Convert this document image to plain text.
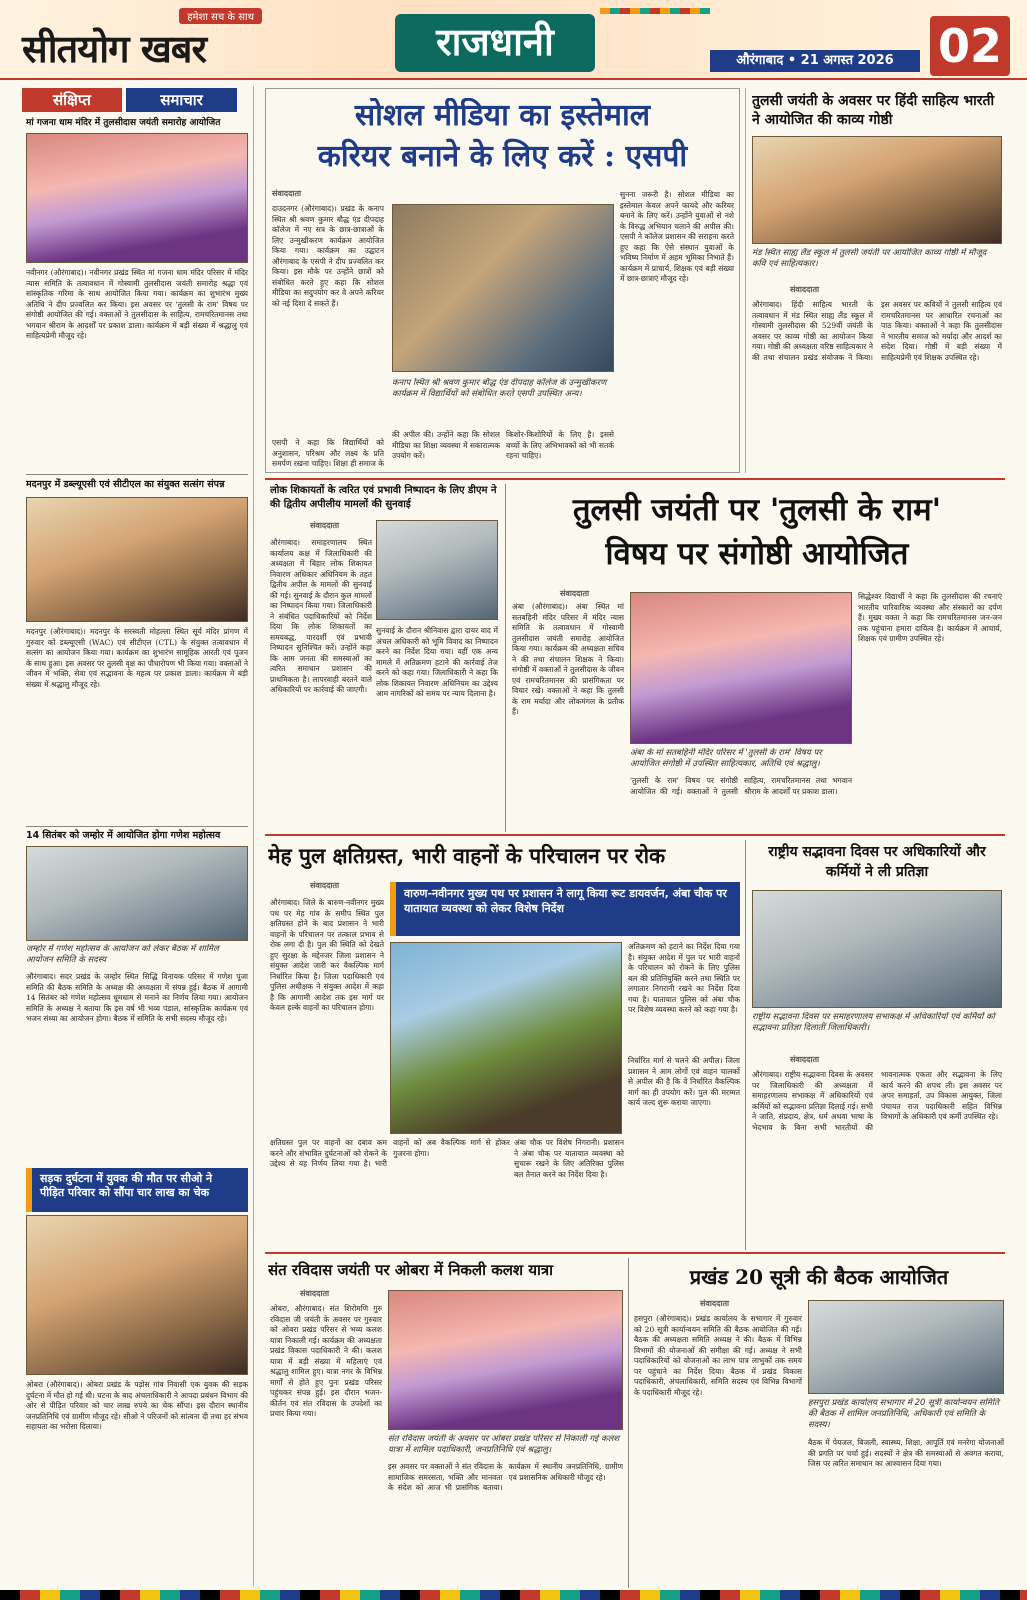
हमेशा सच के साथ
सीतयोग खबर	राजधानी	औरंगाबाद • 21 अगस्त 2026 02
संक्षिप्त	समाचार
मां गजना धाम मंदिर में तुलसीदास जयंती समारोह आयोजित
नवीनगर (औरंगाबाद)। नवीनगर प्रखंड स्थित मां गजना धाम मंदिर परिसर में मंदिर न्यास समिति के तत्वावधान में गोस्वामी तुलसीदास जयंती समारोह श्रद्धा एवं सांस्कृतिक गरिमा के साथ आयोजित किया गया। कार्यक्रम का शुभारंभ मुख्य अतिथि ने दीप प्रज्वलित कर किया। इस अवसर पर 'तुलसी के राम' विषय पर संगोष्ठी आयोजित की गई। वक्ताओं ने तुलसीदास के साहित्य, रामचरितमानस तथा भगवान श्रीराम के आदर्शों पर प्रकाश डाला। कार्यक्रम में बड़ी संख्या में श्रद्धालु एवं साहित्यप्रेमी मौजूद रहे।
मदनपुर में डब्ल्यूएसी एवं सीटीएल का संयुक्त सत्संग संपन्न
मदनपुर (औरंगाबाद)। मदनपुर के सरस्वती मोहल्ला स्थित सूर्य मंदिर प्रांगण में गुरुवार को डब्ल्यूएसी (WAC) एवं सीटीएल (CTL) के संयुक्त तत्वावधान में सत्संग का आयोजन किया गया। कार्यक्रम का शुभारंभ सामूहिक आरती एवं पूजन के साथ हुआ। इस अवसर पर तुलसी वृक्ष का पौधारोपण भी किया गया। वक्ताओं ने जीवन में भक्ति, सेवा एवं सद्भावना के महत्व पर प्रकाश डाला। कार्यक्रम में बड़ी संख्या में श्रद्धालु मौजूद रहे।
14 सितंबर को जम्होर में आयोजित होगा गणेश महोत्सव
जम्होर में गणेश महोत्सव के आयोजन को लेकर बैठक में शामिल आयोजन समिति के सदस्य
औरंगाबाद। सदर प्रखंड के जम्होर स्थित सिद्धि विनायक परिसर में गणेश पूजा समिति की बैठक समिति के अध्यक्ष की अध्यक्षता में संपन्न हुई। बैठक में आगामी 14 सितंबर को गणेश महोत्सव धूमधाम से मनाने का निर्णय लिया गया। आयोजन समिति के अध्यक्ष ने बताया कि इस वर्ष भी भव्य पंडाल, सांस्कृतिक कार्यक्रम एवं भजन संध्या का आयोजन होगा। बैठक में समिति के सभी सदस्य मौजूद रहे।
सड़क दुर्घटना में युवक की मौत पर सीओ ने पीड़ित परिवार को सौंपा चार लाख का चेक
ओबरा (औरंगाबाद)। ओबरा प्रखंड के पड़ोस गांव निवासी एक युवक की सड़क दुर्घटना में मौत हो गई थी। घटना के बाद अंचलाधिकारी ने आपदा प्रबंधन विभाग की ओर से पीड़ित परिवार को चार लाख रुपये का चेक सौंपा। इस दौरान स्थानीय जनप्रतिनिधि एवं ग्रामीण मौजूद रहे। सीओ ने परिजनों को सांत्वना दी तथा हर संभव सहायता का भरोसा दिलाया।
सोशल मीडिया का इस्तेमाल
करियर बनाने के लिए करें : एसपी
संवाददाता
दाउदनगर (औरंगाबाद)। प्रखंड के कनाप स्थित श्री श्रवण कुमार बौद्ध एंड दीपदाह कॉलेज में नए सत्र के छात्र-छात्राओं के लिए उन्मुखीकरण कार्यक्रम आयोजित किया गया। कार्यक्रम का उद्घाटन औरंगाबाद के एसपी ने दीप प्रज्वलित कर किया। इस मौके पर उन्होंने छात्रों को संबोधित करते हुए कहा कि सोशल मीडिया का सदुपयोग कर वे अपने करियर को नई दिशा दे सकते हैं।
कनाप स्थित श्री श्रवण कुमार बौद्ध एंड दीपदाह कॉलेज के उन्मुखीकरण कार्यक्रम में विद्यार्थियों को संबोधित करते एसपी उपस्थित अन्य।
सुनना जरूरी है। सोशल मीडिया का इस्तेमाल केवल अपने फायदे और करियर बनाने के लिए करें। उन्होंने युवाओं से नशे के विरुद्ध अभियान चलाने की अपील की। एसपी ने कॉलेज प्रशासन की सराहना करते हुए कहा कि ऐसे संस्थान युवाओं के भविष्य निर्माण में अहम भूमिका निभाते हैं। कार्यक्रम में प्राचार्य, शिक्षक एवं बड़ी संख्या में छात्र-छात्राएं मौजूद रहे।
की अपील की। उन्होंने कहा कि सोशल मीडिया का शिक्षा व्यवस्था में सकारात्मक उपयोग करें।
किशोर-किशोरियों के लिए है। इससे बच्चों के लिए अभिभावकों को भी सतर्क रहना चाहिए।
एसपी ने कहा कि विद्यार्थियों को अनुशासन, परिश्रम और लक्ष्य के प्रति समर्पण रखना चाहिए। शिक्षा ही समाज के
तुलसी जयंती के अवसर पर हिंदी साहित्य भारती ने आयोजित की काव्य गोष्ठी
मंड स्थित साह्य लैंड स्कूल में तुलसी जयंती पर आयोजित काव्य गोष्ठी में मौजूद कवि एवं साहित्यकार।
संवाददाता
औरंगाबाद। हिंदी साहित्य भारती के तत्वावधान में मंड स्थित साह्य लैंड स्कूल में गोस्वामी तुलसीदास की 529वीं जयंती के अवसर पर काव्य गोष्ठी का आयोजन किया गया। गोष्ठी की अध्यक्षता वरिष्ठ साहित्यकार ने की तथा संचालन प्रखंड संयोजक ने किया। इस अवसर पर कवियों ने तुलसी साहित्य एवं रामचरितमानस पर आधारित रचनाओं का पाठ किया। वक्ताओं ने कहा कि तुलसीदास ने भारतीय समाज को मर्यादा और आदर्श का संदेश दिया। गोष्ठी में बड़ी संख्या में साहित्यप्रेमी एवं शिक्षक उपस्थित रहे।
लोक शिकायतों के त्वरित एवं प्रभावी निष्पादन के लिए डीएम ने की द्वितीय अपीलीय मामलों की सुनवाई
संवाददाता
औरंगाबाद। समाहरणालय स्थित कार्यालय कक्ष में जिलाधिकारी की अध्यक्षता में बिहार लोक शिकायत निवारण अधिकार अधिनियम के तहत द्वितीय अपील के मामलों की सुनवाई की गई। सुनवाई के दौरान कुल मामलों का निष्पादन किया गया। जिलाधिकारी ने संबंधित पदाधिकारियों को निर्देश दिया कि लोक शिकायतों का समयबद्ध, पारदर्शी एवं प्रभावी निष्पादन सुनिश्चित करें। उन्होंने कहा कि आम जनता की समस्याओं का त्वरित समाधान प्रशासन की प्राथमिकता है। लापरवाही बरतने वाले अधिकारियों पर कार्रवाई की जाएगी।
सुनवाई के दौरान श्रीनिवास द्वारा दायर वाद में अंचल अधिकारी को भूमि विवाद का निष्पादन करने का निर्देश दिया गया। वहीं एक अन्य मामले में अतिक्रमण हटाने की कार्रवाई तेज करने को कहा गया। जिलाधिकारी ने कहा कि लोक शिकायत निवारण अधिनियम का उद्देश्य आम नागरिकों को समय पर न्याय दिलाना है।
तुलसी जयंती पर 'तुलसी के राम'
विषय पर संगोष्ठी आयोजित
संवाददाता
अंबा (औरंगाबाद)। अंबा स्थित मां सतबहिनी मंदिर परिसर में मंदिर न्यास समिति के तत्वावधान में गोस्वामी तुलसीदास जयंती समारोह आयोजित किया गया। कार्यक्रम की अध्यक्षता सचिव ने की तथा संचालन शिक्षक ने किया। संगोष्ठी में वक्ताओं ने तुलसीदास के जीवन एवं रामचरितमानस की प्रासंगिकता पर विचार रखे। वक्ताओं ने कहा कि तुलसी के राम मर्यादा और लोकमंगल के प्रतीक हैं।
अंबा के मां सतबहिनी मंदिर परिसर में 'तुलसी के राम' विषय पर आयोजित संगोष्ठी में उपस्थित साहित्यकार, अतिथि एवं श्रद्धालु।
'तुलसी के राम' विषय पर संगोष्ठी आयोजित की गई। वक्ताओं ने तुलसी साहित्य, रामचरितमानस तथा भगवान श्रीराम के आदर्शों पर प्रकाश डाला।
सिद्धेश्वर विद्यार्थी ने कहा कि तुलसीदास की रचनाएं भारतीय पारिवारिक व्यवस्था और संस्कारों का दर्पण हैं। मुख्य वक्ता ने कहा कि रामचरितमानस जन-जन तक पहुंचाना हमारा दायित्व है। कार्यक्रम में आचार्य, शिक्षक एवं ग्रामीण उपस्थित रहे।
मेह पुल क्षतिग्रस्त, भारी वाहनों के परिचालन पर रोक
संवाददाता
वारुण-नवीनगर मुख्य पथ पर प्रशासन ने लागू किया रूट डायवर्जन, अंबा चौक पर यातायात व्यवस्था को लेकर विशेष निर्देश
औरंगाबाद। जिले के बारुण-नवीनगर मुख्य पथ पर मेह गांव के समीप स्थित पुल क्षतिग्रस्त होने के बाद प्रशासन ने भारी वाहनों के परिचालन पर तत्काल प्रभाव से रोक लगा दी है। पुल की स्थिति को देखते हुए सुरक्षा के मद्देनजर जिला प्रशासन ने संयुक्त आदेश जारी कर वैकल्पिक मार्ग निर्धारित किया है। जिला पदाधिकारी एवं पुलिस अधीक्षक ने संयुक्त आदेश में कहा है कि आगामी आदेश तक इस मार्ग पर केवल हल्के वाहनों का परिचालन होगा।
अतिक्रमण को हटाने का निर्देश दिया गया है। संयुक्त आदेश में पुल पर भारी वाहनों के परिचालन को रोकने के लिए पुलिस बल की प्रतिनियुक्ति करने तथा स्थिति पर लगातार निगरानी रखने का निर्देश दिया गया है। यातायात पुलिस को अंबा चौक पर विशेष व्यवस्था करने को कहा गया है।
निर्धारित मार्ग से चलने की अपील। जिला प्रशासन ने आम लोगों एवं वाहन चालकों से अपील की है कि वे निर्धारित वैकल्पिक मार्ग का ही उपयोग करें। पुल की मरम्मत कार्य जल्द शुरू कराया जाएगा।
क्षतिग्रस्त पुल पर वाहनों का दबाव कम करने और संभावित दुर्घटनाओं को रोकने के उद्देश्य से यह निर्णय लिया गया है। भारी वाहनों को अब वैकल्पिक मार्ग से होकर गुजरना होगा।
अंबा चौक पर विशेष निगरानी। प्रशासन ने अंबा चौक पर यातायात व्यवस्था को सुचारू रखने के लिए अतिरिक्त पुलिस बल तैनात करने का निर्देश दिया है।
राष्ट्रीय सद्भावना दिवस पर अधिकारियों और कर्मियों ने ली प्रतिज्ञा
राष्ट्रीय सद्भावना दिवस पर समाहरणालय सभाकक्ष में अधिकारियों एवं कर्मियों को सद्भावना प्रतिज्ञा दिलातीं जिलाधिकारी।
संवाददाता
औरंगाबाद। राष्ट्रीय सद्भावना दिवस के अवसर पर जिलाधिकारी की अध्यक्षता में समाहरणालय सभाकक्ष में अधिकारियों एवं कर्मियों को सद्भावना प्रतिज्ञा दिलाई गई। सभी ने जाति, संप्रदाय, क्षेत्र, धर्म अथवा भाषा के भेदभाव के बिना सभी भारतीयों की भावनात्मक एकता और सद्भावना के लिए कार्य करने की शपथ ली। इस अवसर पर अपर समाहर्ता, उप विकास आयुक्त, जिला पंचायत राज पदाधिकारी सहित विभिन्न विभागों के अधिकारी एवं कर्मी उपस्थित रहे।
संत रविदास जयंती पर ओबरा में निकली कलश यात्रा
संवाददाता
ओबरा, औरंगाबाद। संत शिरोमणि गुरु रविदास जी जयंती के अवसर पर गुरुवार को ओबरा प्रखंड परिसर से भव्य कलश यात्रा निकाली गई। कार्यक्रम की अध्यक्षता प्रखंड विकास पदाधिकारी ने की। कलश यात्रा में बड़ी संख्या में महिलाएं एवं श्रद्धालु शामिल हुए। यात्रा नगर के विभिन्न मार्गों से होते हुए पुनः प्रखंड परिसर पहुंचकर संपन्न हुई। इस दौरान भजन-कीर्तन एवं संत रविदास के उपदेशों का प्रचार किया गया।
संत रविदास जयंती के अवसर पर ओबरा प्रखंड परिसर से निकाली गई कलश यात्रा में शामिल पदाधिकारी, जनप्रतिनिधि एवं श्रद्धालु।
इस अवसर पर वक्ताओं ने संत रविदास के सामाजिक समरसता, भक्ति और मानवता के संदेश को आज भी प्रासंगिक बताया। कार्यक्रम में स्थानीय जनप्रतिनिधि, ग्रामीण एवं प्रशासनिक अधिकारी मौजूद रहे।
प्रखंड 20 सूत्री की बैठक आयोजित
संवाददाता
हसपुरा (औरंगाबाद)। प्रखंड कार्यालय के सभागार में गुरुवार को 20 सूत्री कार्यान्वयन समिति की बैठक आयोजित की गई। बैठक की अध्यक्षता समिति अध्यक्ष ने की। बैठक में विभिन्न विभागों की योजनाओं की समीक्षा की गई। अध्यक्ष ने सभी पदाधिकारियों को योजनाओं का लाभ पात्र लाभुकों तक समय पर पहुंचाने का निर्देश दिया। बैठक में प्रखंड विकास पदाधिकारी, अंचलाधिकारी, समिति सदस्य एवं विभिन्न विभागों के पदाधिकारी मौजूद रहे।
हसपुरा प्रखंड कार्यालय सभागार में 20 सूत्री कार्यान्वयन समिति की बैठक में शामिल जनप्रतिनिधि, अधिकारी एवं समिति के सदस्य।
बैठक में पेयजल, बिजली, स्वास्थ्य, शिक्षा, आपूर्ति एवं मनरेगा योजनाओं की प्रगति पर चर्चा हुई। सदस्यों ने क्षेत्र की समस्याओं से अवगत कराया, जिस पर त्वरित समाधान का आश्वासन दिया गया।
